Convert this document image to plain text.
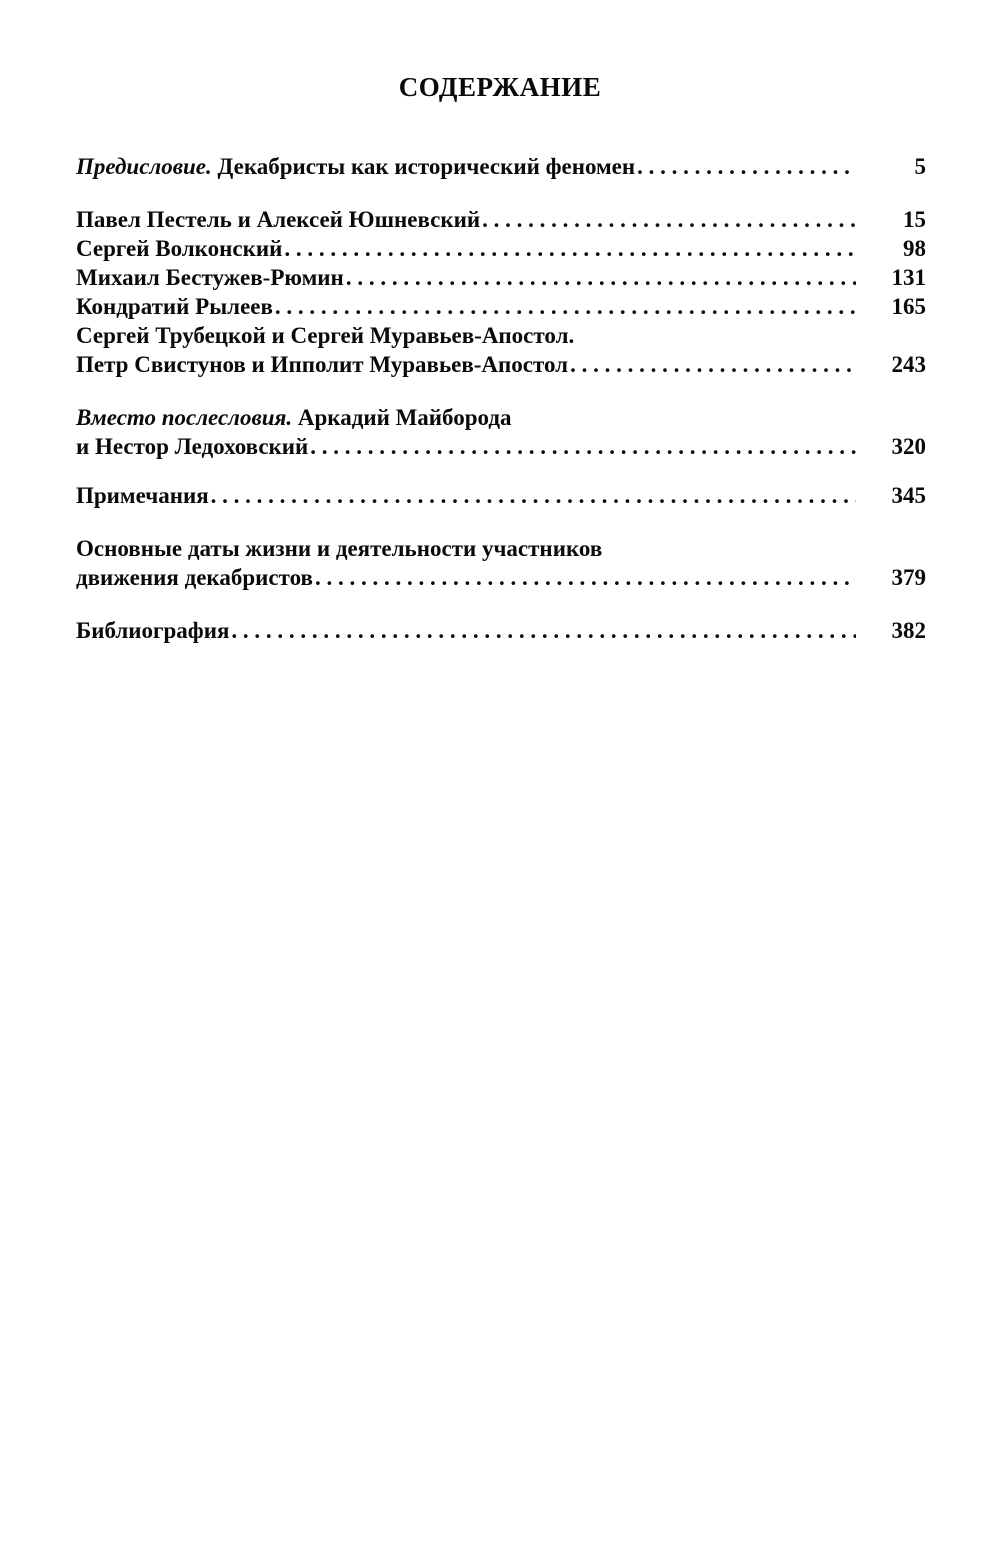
СОДЕРЖАНИЕ
Предисловие. Декабристы как исторический феномен . . .	5
Павел Пестель и Алексей Юшневский . . .	15
Сергей Волконский . . .	98
Михаил Бестужев-Рюмин . . .	131
Кондратий Рылеев . . .	165
Сергей Трубецкой и Сергей Муравьев-Апостол.
Петр Свистунов и Ипполит Муравьев-Апостол . . .	243
Вместо послесловия. Аркадий Майборода
и Нестор Ледоховский . . .	320
Примечания . . .	345
Основные даты жизни и деятельности участников
движения декабристов . . .	379
Библиография . . .	382
